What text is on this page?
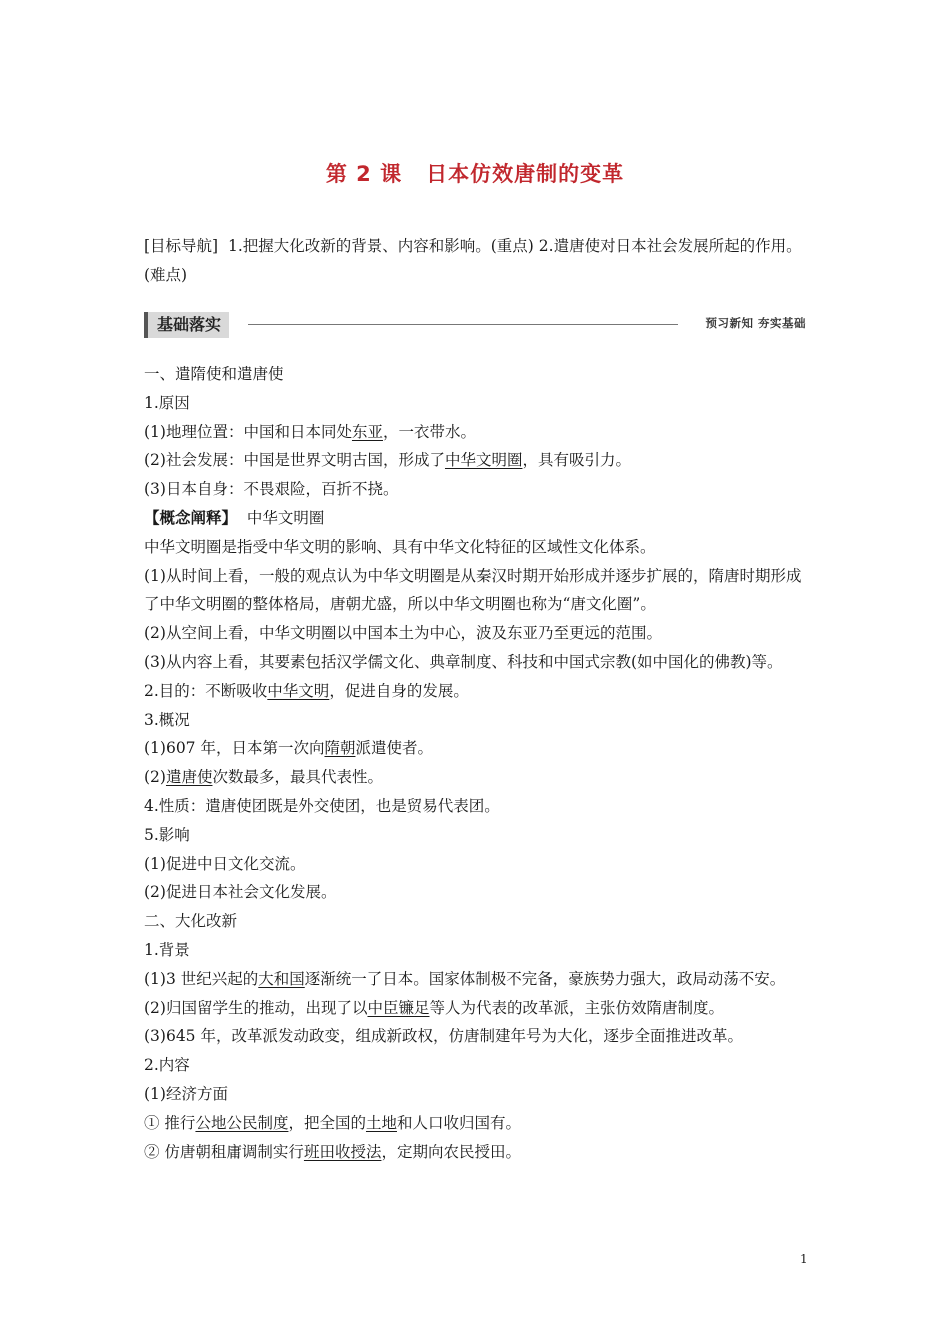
第 2 课 日本仿效唐制的变革
[目标导航] 1.把握大化改新的背景、内容和影响。(重点) 2.遣唐使对日本社会发展所起的作用。(难点)
基础落实	预习新知 夯实基础

一、遣隋使和遣唐使

1.原因

(1)地理位置：中国和日本同处东亚，一衣带水。

(2)社会发展：中国是世界文明古国，形成了中华文明圈，具有吸引力。

(3)日本自身：不畏艰险，百折不挠。

【概念阐释】 中华文明圈

中华文明圈是指受中华文明的影响、具有中华文化特征的区域性文化体系。

(1)从时间上看，一般的观点认为中华文明圈是从秦汉时期开始形成并逐步扩展的，隋唐时期形成了中华文明圈的整体格局，唐朝尤盛，所以中华文明圈也称为“唐文化圈”。

(2)从空间上看，中华文明圈以中国本土为中心，波及东亚乃至更远的范围。

(3)从内容上看，其要素包括汉学儒文化、典章制度、科技和中国式宗教(如中国化的佛教)等。

2.目的：不断吸收中华文明，促进自身的发展。

3.概况

(1)607 年，日本第一次向隋朝派遣使者。

(2)遣唐使次数最多，最具代表性。

4.性质：遣唐使团既是外交使团，也是贸易代表团。

5.影响

(1)促进中日文化交流。

(2)促进日本社会文化发展。

二、大化改新

1.背景

(1)3 世纪兴起的大和国逐渐统一了日本。国家体制极不完备，豪族势力强大，政局动荡不安。

(2)归国留学生的推动，出现了以中臣镰足等人为代表的改革派，主张仿效隋唐制度。

(3)645 年，改革派发动政变，组成新政权，仿唐制建年号为大化，逐步全面推进改革。

2.内容

(1)经济方面

① 推行公地公民制度，把全国的土地和人口收归国有。

② 仿唐朝租庸调制实行班田收授法，定期向农民授田。

1
